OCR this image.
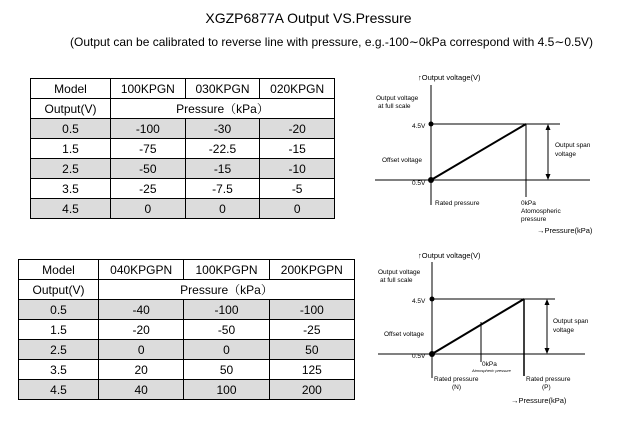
XGZP6877A Output VS.Pressure
(Output can be calibrated to reverse line with pressure, e.g.-100∼0kPa correspond with 4.5∼0.5V)
Model	100KPGN	030KPGN	020KPGN
Output(V)	Pressure（kPa）		
0.5	-100	-30	-20
1.5	-75	-22.5	-15
2.5	-50	-15	-10
3.5	-25	-7.5	-5
4.5	0	0	0
Model	040KPGPN	100KPGPN	200KPGPN
Output(V)	Pressure（kPa）		
0.5	-40	-100	-100
1.5	-20	-50	-25
2.5	0	0	50
3.5	20	50	125
4.5	40	100	200
↑Output voltage(V)
Output voltage
at full scale
4.5V
Offset voltage
0.5V
Output span
voltage
Rated pressure	0kPa
Atomospheric
pressure
→Pressure(kPa)
↑Output voltage(V)
Output voltage
at full scale
4.5V
Offset voltage
0.5V
Output span
voltage
0kPa
Atmospheric pressure
Rated pressure
(N)
Rated pressure
(P)
→Pressure(kPa)
